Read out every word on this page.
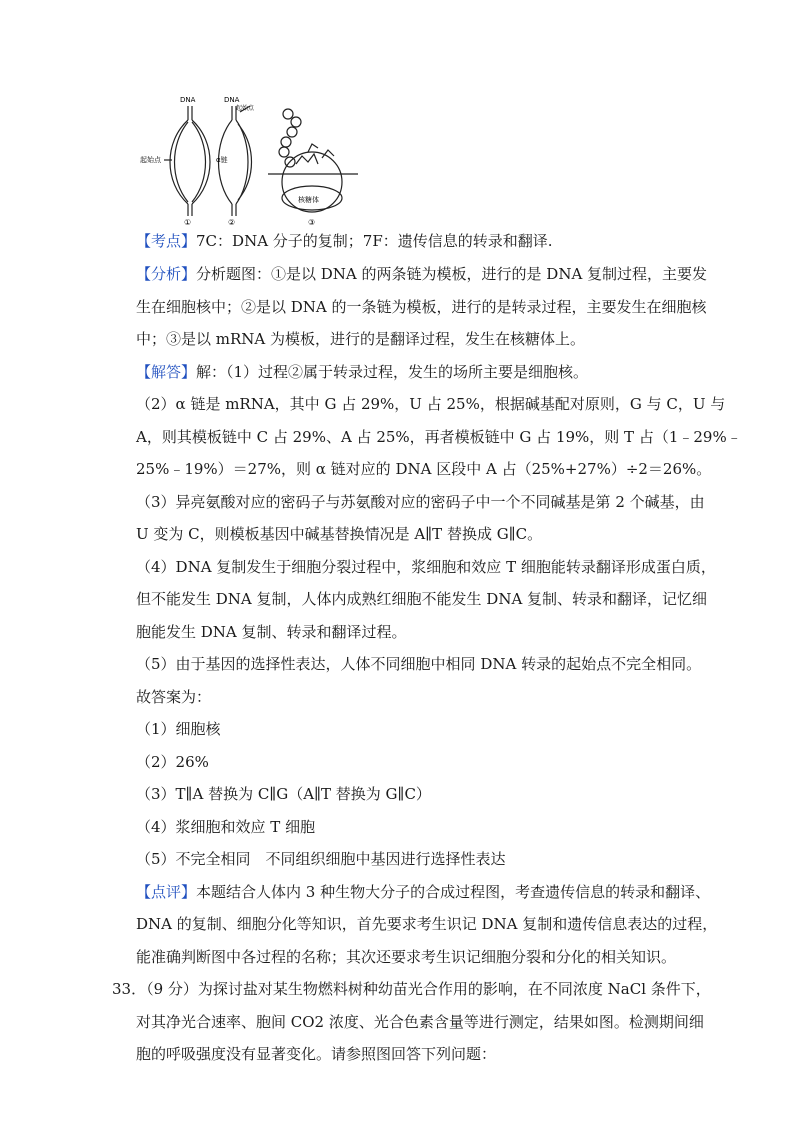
DNA
起始点
①
DNA
起始点
α链
②
核糖体
③
【考点】7C：DNA 分子的复制；7F：遗传信息的转录和翻译.
【分析】分析题图：①是以 DNA 的两条链为模板，进行的是 DNA 复制过程，主要发
生在细胞核中；②是以 DNA 的一条链为模板，进行的是转录过程，主要发生在细胞核
中；③是以 mRNA 为模板，进行的是翻译过程，发生在核糖体上。
【解答】解：（1）过程②属于转录过程，发生的场所主要是细胞核。
（2）α 链是 mRNA，其中 G 占 29%，U 占 25%，根据碱基配对原则，G 与 C，U 与
A，则其模板链中 C 占 29%、A 占 25%，再者模板链中 G 占 19%，则 T 占（1﹣29%﹣
25%﹣19%）＝27%，则 α 链对应的 DNA 区段中 A 占（25%+27%）÷2＝26%。
（3）异亮氨酸对应的密码子与苏氨酸对应的密码子中一个不同碱基是第 2 个碱基，由
U 变为 C，则模板基因中碱基替换情况是 A∥T 替换成 G∥C。
（4）DNA 复制发生于细胞分裂过程中，浆细胞和效应 T 细胞能转录翻译形成蛋白质，
但不能发生 DNA 复制，人体内成熟红细胞不能发生 DNA 复制、转录和翻译，记忆细
胞能发生 DNA 复制、转录和翻译过程。
（5）由于基因的选择性表达，人体不同细胞中相同 DNA 转录的起始点不完全相同。
故答案为：
（1）细胞核
（2）26%
（3）T∥A 替换为 C∥G（A∥T 替换为 G∥C）
（4）浆细胞和效应 T 细胞
（5）不完全相同　不同组织细胞中基因进行选择性表达
【点评】本题结合人体内 3 种生物大分子的合成过程图，考查遗传信息的转录和翻译、
DNA 的复制、细胞分化等知识，首先要求考生识记 DNA 复制和遗传信息表达的过程，
能准确判断图中各过程的名称；其次还要求考生识记细胞分裂和分化的相关知识。
33．（9 分）为探讨盐对某生物燃料树种幼苗光合作用的影响，在不同浓度 NaCl 条件下，
对其净光合速率、胞间 CO2 浓度、光合色素含量等进行测定，结果如图。检测期间细
胞的呼吸强度没有显著变化。请参照图回答下列问题：
